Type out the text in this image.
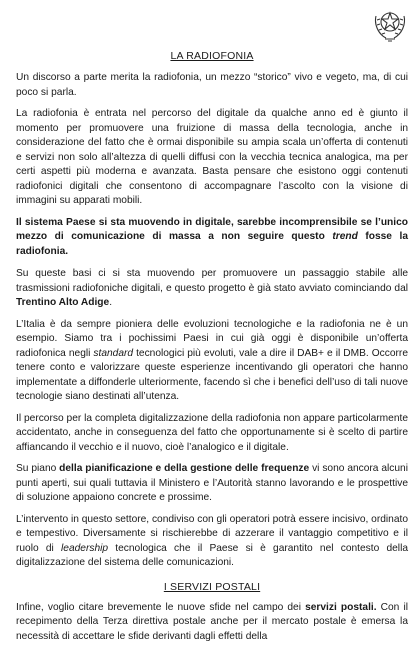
LA RADIOFONIA

Un discorso a parte merita la radiofonia, un mezzo “storico” vivo e vegeto, ma, di cui poco si parla.

La radiofonia è entrata nel percorso del digitale da qualche anno ed è giunto il momento per promuovere una fruizione di massa della tecnologia, anche in considerazione del fatto che è ormai disponibile su ampia scala un’offerta di contenuti e servizi non solo all’altezza di quelli diffusi con la vecchia tecnica analogica, ma per certi aspetti più moderna e avanzata. Basta pensare che esistono oggi contenuti radiofonici digitali che consentono di accompagnare l’ascolto con la visione di immagini su apparati mobili.

Il sistema Paese si sta muovendo in digitale, sarebbe incomprensibile se l’unico mezzo di comunicazione di massa a non seguire questo trend fosse la radiofonia.

Su queste basi ci si sta muovendo per promuovere un passaggio stabile alle trasmissioni radiofoniche digitali, e questo progetto è già stato avviato cominciando dal Trentino Alto Adige.

L’Italia è da sempre pioniera delle evoluzioni tecnologiche e la radiofonia ne è un esempio. Siamo tra i pochissimi Paesi in cui già oggi è disponibile un’offerta radiofonica negli standard tecnologici più evoluti, vale a dire il DAB+ e il DMB. Occorre tenere conto e valorizzare queste esperienze incentivando gli operatori che hanno implementate a diffonderle ulteriormente, facendo sì che i benefici dell’uso di tali nuove tecnologie siano destinati all’utenza.

Il percorso per la completa digitalizzazione della radiofonia non appare particolarmente accidentato, anche in conseguenza del fatto che opportunamente si è scelto di partire affiancando il vecchio e il nuovo, cioè l’analogico e il digitale.

Su piano della pianificazione e della gestione delle frequenze vi sono ancora alcuni punti aperti, sui quali tuttavia il Ministero e l’Autorità stanno lavorando e le prospettive di soluzione appaiono concrete e prossime.

L’intervento in questo settore, condiviso con gli operatori potrà essere incisivo, ordinato e tempestivo. Diversamente si rischierebbe di azzerare il vantaggio competitivo e il ruolo di leadership tecnologica che il Paese si è garantito nel contesto della digitalizzazione del sistema delle comunicazioni.

I SERVIZI POSTALI

Infine, voglio citare brevemente le nuove sfide nel campo dei servizi postali. Con il recepimento della Terza direttiva postale anche per il mercato postale è emersa la necessità di accettare le sfide derivanti dagli effetti della
